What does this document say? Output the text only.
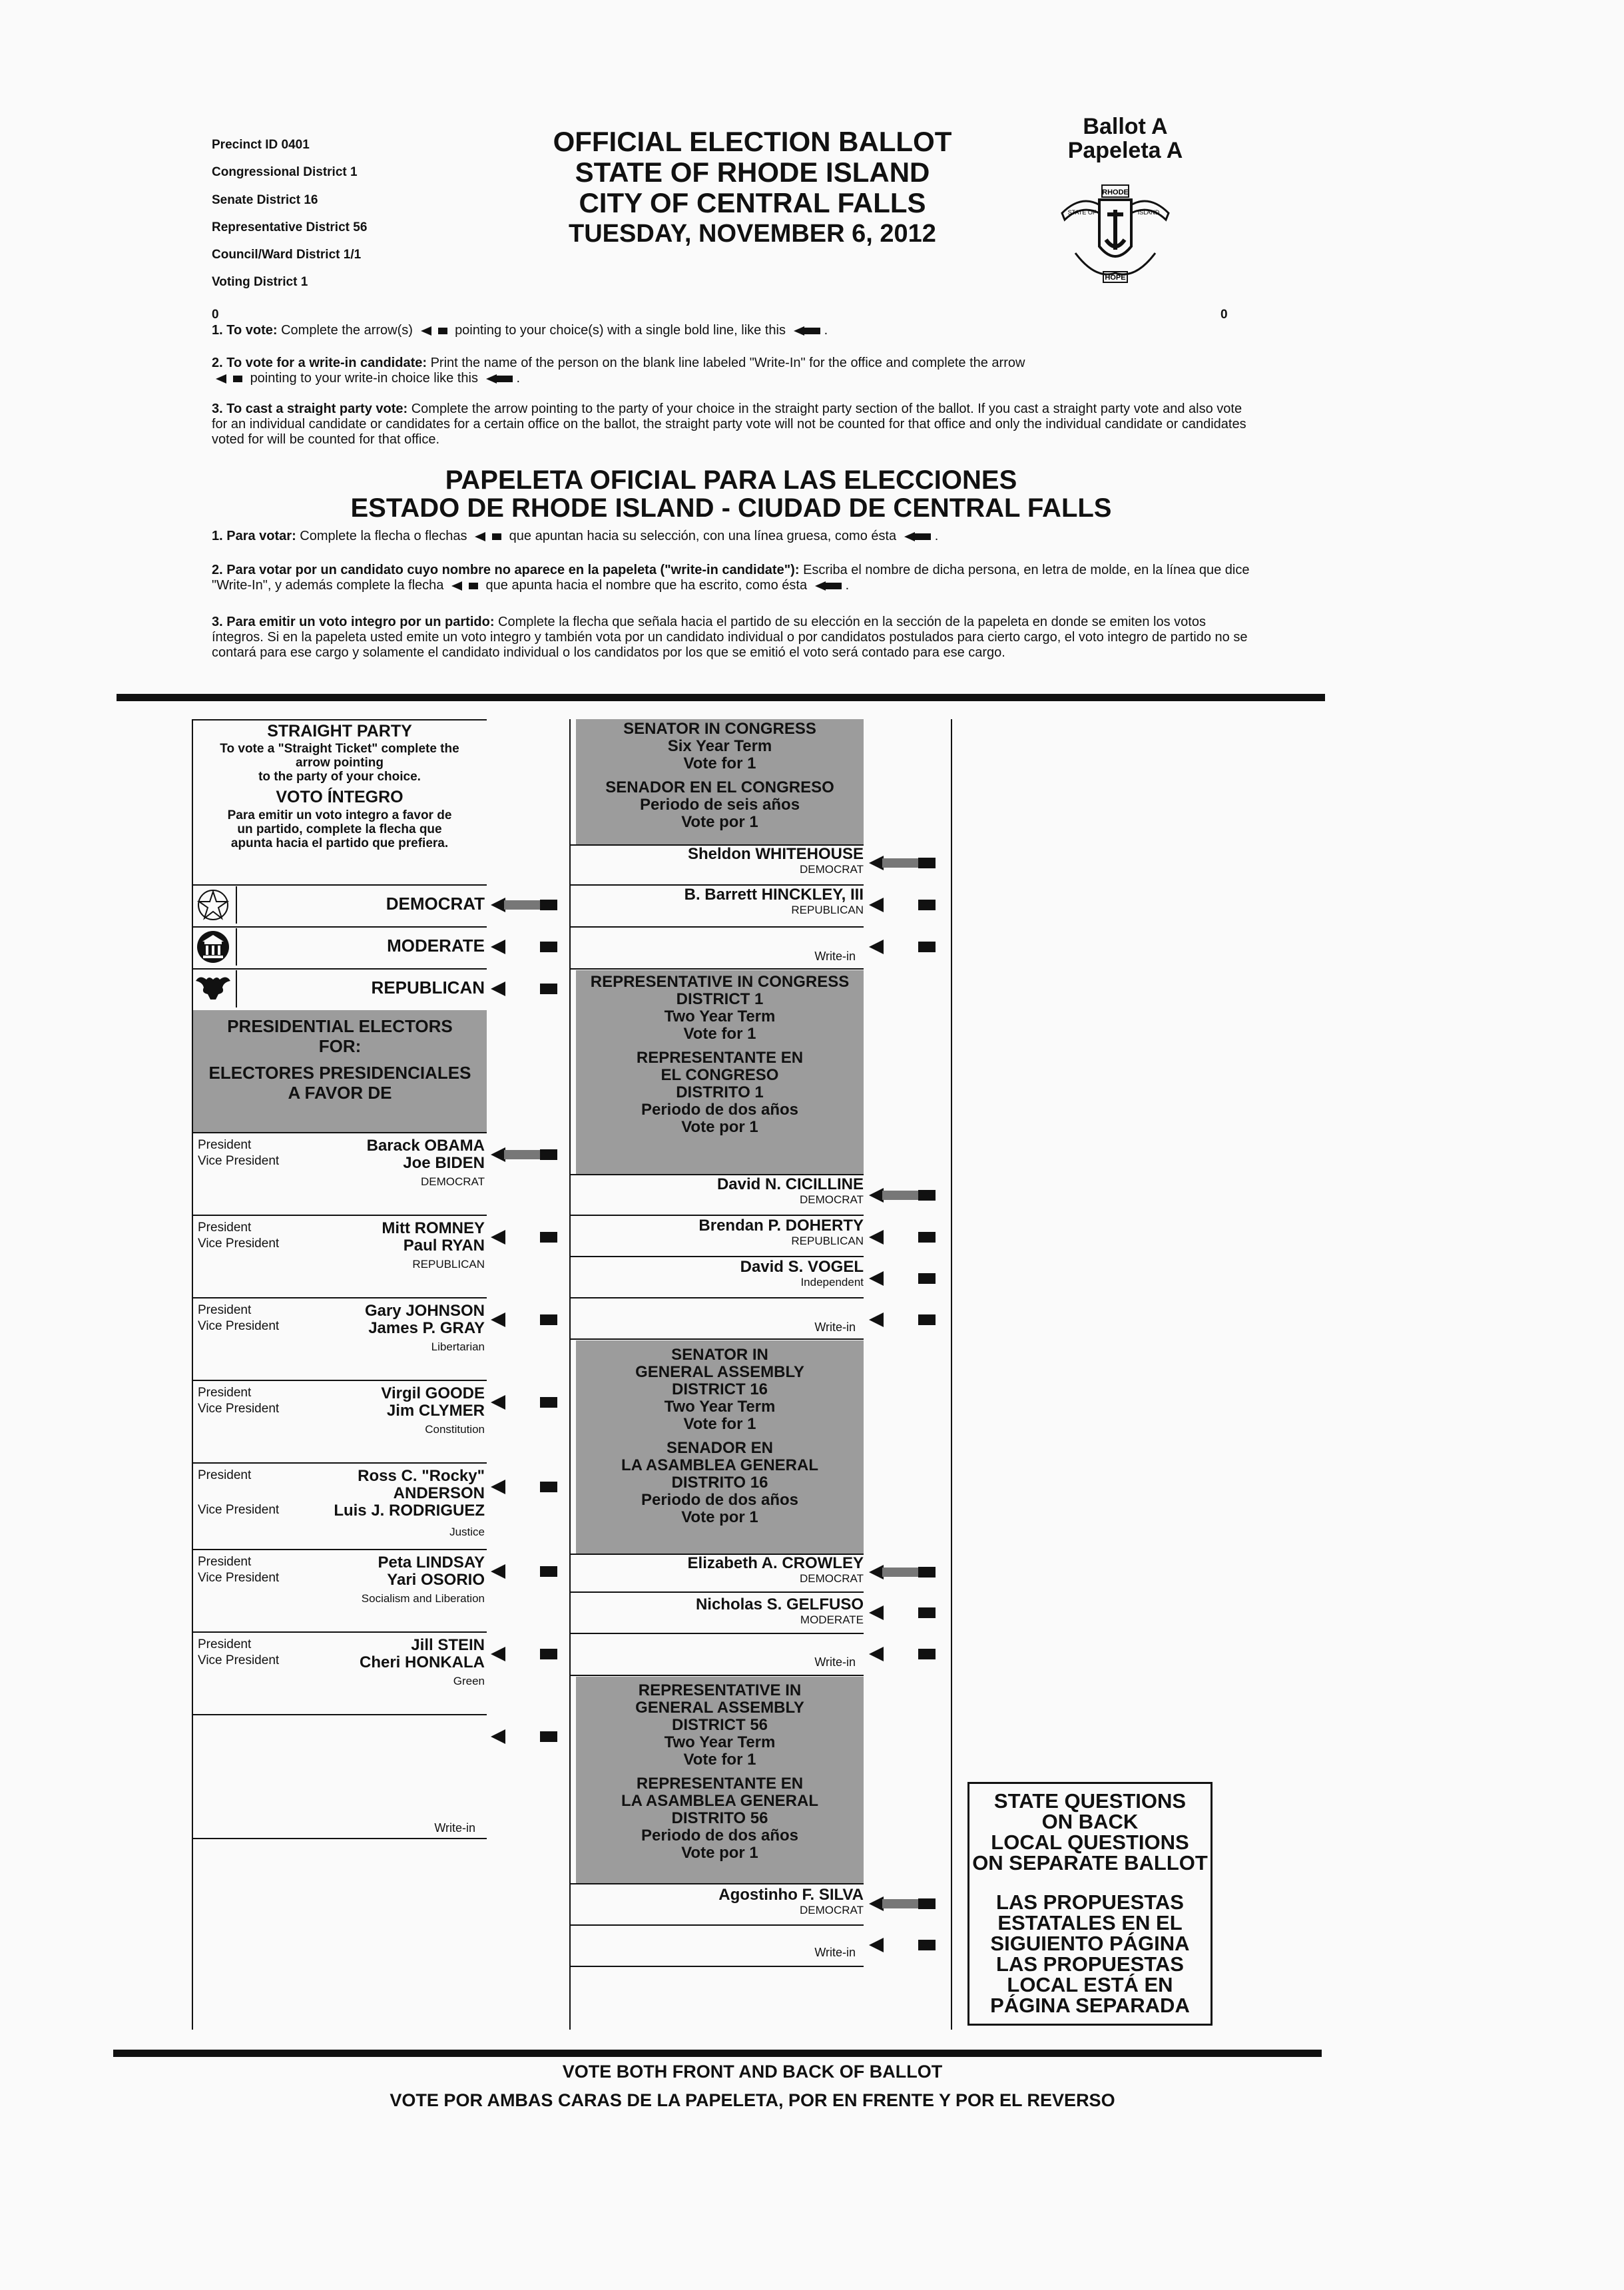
Precinct ID 0401
Congressional District 1
Senate District 16
Representative District 56
Council/Ward District 1/1
Voting District 1
0	0
OFFICIAL ELECTION BALLOT
STATE OF RHODE ISLAND
CITY OF CENTRAL FALLS
TUESDAY, NOVEMBER 6, 2012
Ballot A
Papeleta A
RHODE
STATE OF	ISLAND
HOPE
1. To vote: Complete the arrow(s)	pointing to your choice(s) with a single bold line, like this	.
2. To vote for a write-in candidate: Print the name of the person on the blank line labeled "Write-In" for the office and complete the arrow
pointing to your write-in choice like this	.
3. To cast a straight party vote: Complete the arrow pointing to the party of your choice in the straight party section of the ballot. If you cast a straight party vote and also vote for an individual candidate or candidates for a certain office on the ballot, the straight party vote will not be counted for that office and only the individual candidate or candidates voted for will be counted for that office.
PAPELETA OFICIAL PARA LAS ELECCIONES
ESTADO DE RHODE ISLAND - CIUDAD DE CENTRAL FALLS
1. Para votar: Complete la flecha o flechas	que apuntan hacia su selección, con una línea gruesa, como ésta	.
2. Para votar por un candidato cuyo nombre no aparece en la papeleta ("write-in candidate"): Escriba el nombre de dicha persona, en letra de molde, en la línea que dice "Write-In", y además complete la flecha	que apunta hacia el nombre que ha escrito, como ésta	.
3. Para emitir un voto integro por un partido: Complete la flecha que señala hacia el partido de su elección en la sección de la papeleta en donde se emiten los votos íntegros. Si en la papeleta usted emite un voto integro y también vota por un candidato individual o por candidatos postulados para cierto cargo, el voto integro de partido no se contará para ese cargo y solamente el candidato individual o los candidatos por los que se emitió el voto será contado para ese cargo.
STRAIGHT PARTY
To vote a "Straight Ticket" complete the
arrow pointing
to the party of your choice.
VOTO ÍNTEGRO
Para emitir un voto integro a favor de
un partido, complete la flecha que
apunta hacia el partido que prefiera.
DEMOCRAT
MODERATE
REPUBLICAN
PRESIDENTIAL ELECTORS
FOR:
ELECTORES PRESIDENCIALES
A FAVOR DE
President
Vice President
Barack OBAMA
Joe BIDEN
DEMOCRAT
President
Vice President
Mitt ROMNEY
Paul RYAN
REPUBLICAN
President
Vice President
Gary JOHNSON
James P. GRAY
Libertarian
President
Vice President
Virgil GOODE
Jim CLYMER
Constitution
President
Vice President
Ross C. "Rocky"
ANDERSON
Luis J. RODRIGUEZ
Justice
President
Vice President
Peta LINDSAY
Yari OSORIO
Socialism and Liberation
President
Vice President
Jill STEIN
Cheri HONKALA
Green
Write-in
SENATOR IN CONGRESS
Six Year Term
Vote for 1
SENADOR EN EL CONGRESO
Periodo de seis años
Vote por 1
Sheldon WHITEHOUSE
DEMOCRAT
B. Barrett HINCKLEY, III
REPUBLICAN
Write-in
REPRESENTATIVE IN CONGRESS
DISTRICT 1
Two Year Term
Vote for 1
REPRESENTANTE EN
EL CONGRESO
DISTRITO 1
Periodo de dos años
Vote por 1
David N. CICILLINE
DEMOCRAT
Brendan P. DOHERTY
REPUBLICAN
David S. VOGEL
Independent
Write-in
SENATOR IN
GENERAL ASSEMBLY
DISTRICT 16
Two Year Term
Vote for 1
SENADOR EN
LA ASAMBLEA GENERAL
DISTRITO 16
Periodo de dos años
Vote por 1
Elizabeth A. CROWLEY
DEMOCRAT
Nicholas S. GELFUSO
MODERATE
Write-in
REPRESENTATIVE IN
GENERAL ASSEMBLY
DISTRICT 56
Two Year Term
Vote for 1
REPRESENTANTE EN
LA ASAMBLEA GENERAL
DISTRITO 56
Periodo de dos años
Vote por 1
Agostinho F. SILVA
DEMOCRAT
Write-in
STATE QUESTIONS
ON BACK
LOCAL QUESTIONS
ON SEPARATE BALLOT
LAS PROPUESTAS
ESTATALES EN EL
SIGUIENTO PÁGINA
LAS PROPUESTAS
LOCAL ESTÁ EN
PÁGINA SEPARADA
VOTE BOTH FRONT AND BACK OF BALLOT
VOTE POR AMBAS CARAS DE LA PAPELETA, POR EN FRENTE Y POR EL REVERSO
